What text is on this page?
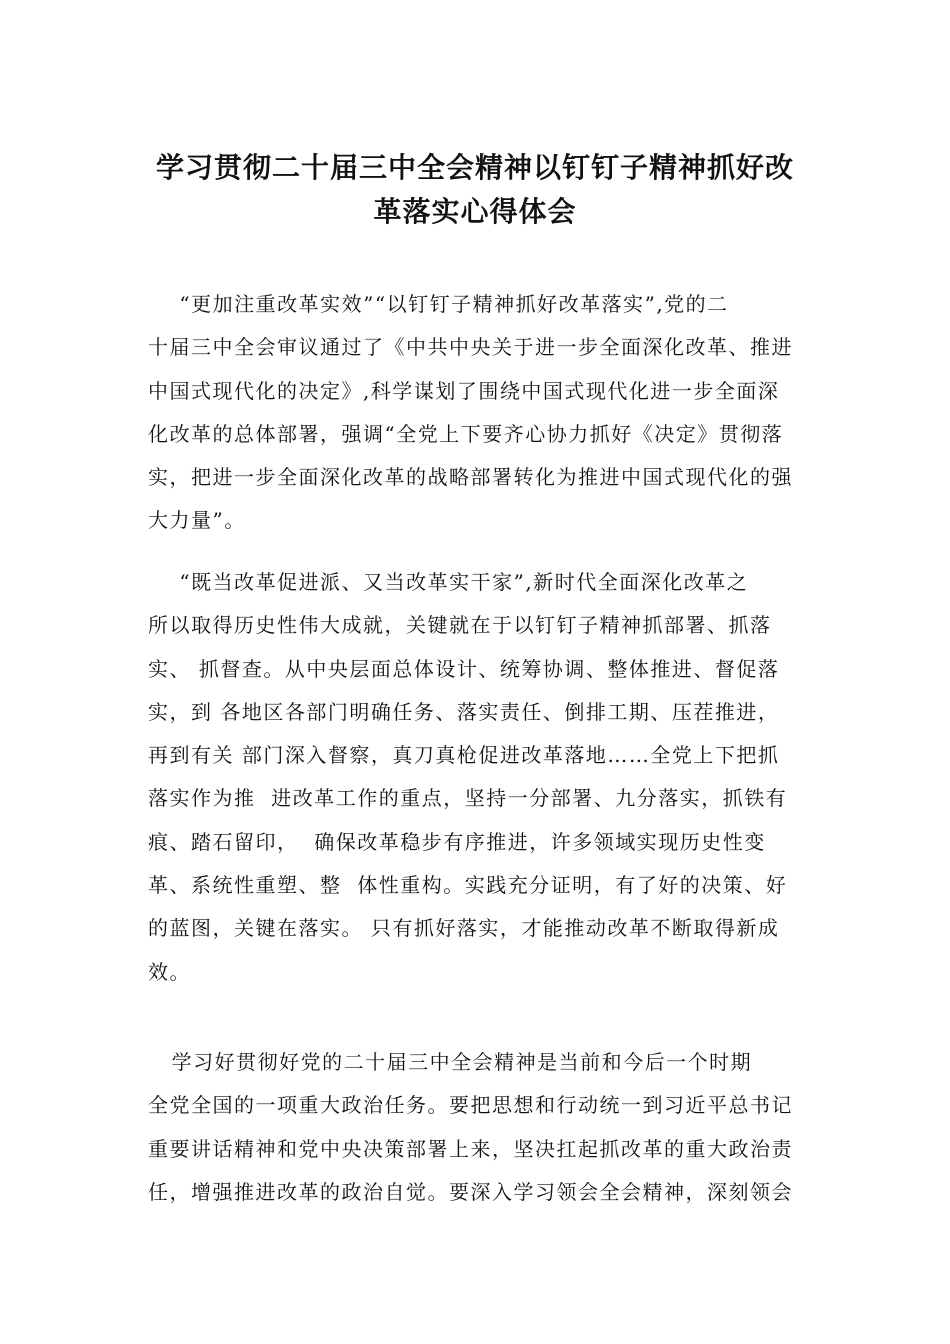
学习贯彻二十届三中全会精神以钉钉子精神抓好改
革落实心得体会
“更加注重改革实效”“以钉钉子精神抓好改革落实”,党的二
十届三中全会审议通过了《中共中央关于进一步全面深化改革、推进
中国式现代化的决定》,科学谋划了围绕中国式现代化进一步全面深
化改革的总体部署，强调“全党上下要齐心协力抓好《决定》贯彻落
实，把进一步全面深化改革的战略部署转化为推进中国式现代化的强
大力量”。
“既当改革促进派、又当改革实干家”,新时代全面深化改革之
所以取得历史性伟大成就，关键就在于以钉钉子精神抓部署、抓落
实、 抓督查。从中央层面总体设计、统筹协调、整体推进、督促落
实，到 各地区各部门明确任务、落实责任、倒排工期、压茬推进，
再到有关 部门深入督察，真刀真枪促进改革落地……全党上下把抓
落实作为推  进改革工作的重点，坚持一分部署、九分落实，抓铁有
痕、踏石留印，  确保改革稳步有序推进，许多领域实现历史性变
革、系统性重塑、整  体性重构。实践充分证明，有了好的决策、好
的蓝图，关键在落实。 只有抓好落实，才能推动改革不断取得新成
效。
学习好贯彻好党的二十届三中全会精神是当前和今后一个时期
全党全国的一项重大政治任务。要把思想和行动统一到习近平总书记
重要讲话精神和党中央决策部署上来，坚决扛起抓改革的重大政治责
任，增强推进改革的政治自觉。要深入学习领会全会精神，深刻领会
